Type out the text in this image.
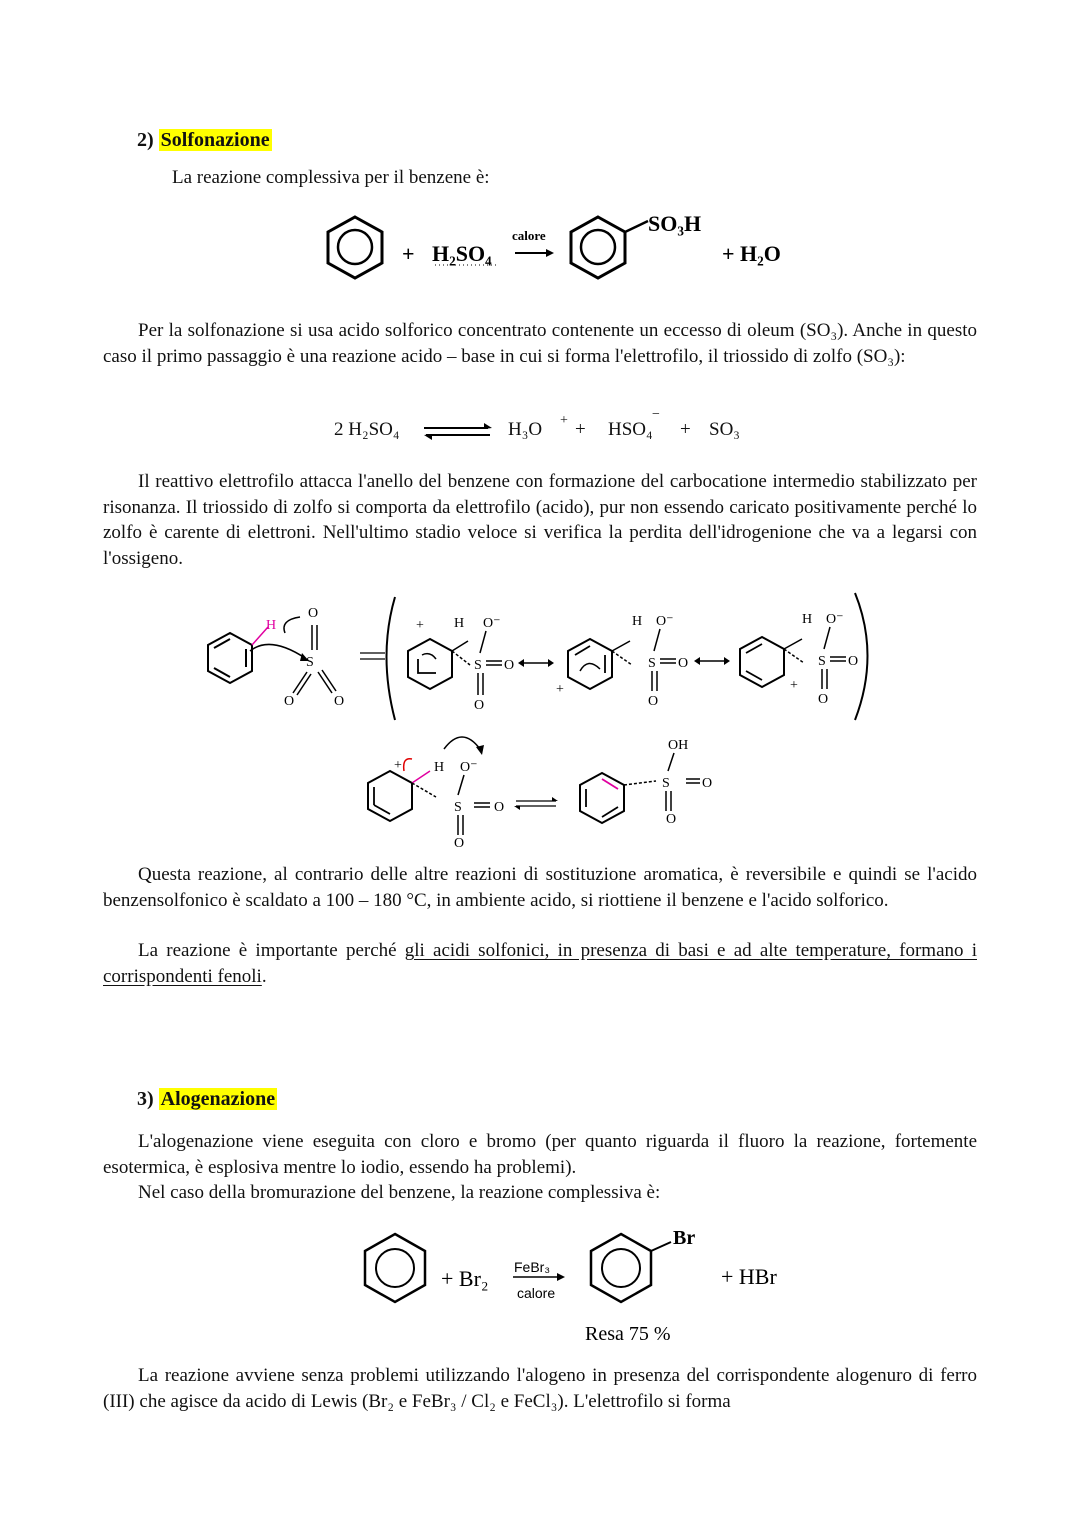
2) Solfonazione
La reazione complessiva per il benzene è:
+ H₂SO₄
calore	SO₃H
+ H₂O
Per la solfonazione si usa acido solforico concentrato contenente un eccesso di oleum (SO₃). Anche in questo caso il primo passaggio è una reazione acido – base in cui si forma l'elettrofilo, il triossido di zolfo (SO₃):
2 H₂SO₄ ⇌ H₃O + + HSO₄
−
+ SO₃
Il reattivo elettrofilo attacca l'anello del benzene con formazione del carbocatione intermedio stabilizzato per risonanza. Il triossido di zolfo si comporta da elettrofilo (acido), pur non essendo caricato positivamente perché lo zolfo è carente di elettroni. Nell'ultimo stadio veloce si verifica la perdita dell'idrogenione che va a legarsi con l'ossigeno.
H
S
O
O	O
+ H O⁻
S O
O
+
H O⁻
S O
O
+
H O⁻
S O
O
+ H O⁻
S O
O
OH
S O
O
Questa reazione, al contrario delle altre reazioni di sostituzione aromatica, è reversibile e quindi se l'acido benzensolfonico è scaldato a 100 – 180 °C, in ambiente acido, si riottiene il benzene e l'acido solforico.
La reazione è importante perché gli acidi solfonici, in presenza di basi e ad alte temperature, formano i corrispondenti fenoli.
3) Alogenazione
L'alogenazione viene eseguita con cloro e bromo (per quanto riguarda il fluoro la reazione, fortemente esotermica, è esplosiva mentre lo iodio, essendo ha problemi).
Nel caso della bromurazione del benzene, la reazione complessiva è:
+ Br₂ FeBr₃
calore
Br
+ HBr
Resa 75 %
La reazione avviene senza problemi utilizzando l'alogeno in presenza del corrispondente alogenuro di ferro (III) che agisce da acido di Lewis (Br₂ e FeBr₃ / Cl₂ e FeCl₃). L'elettrofilo si forma
